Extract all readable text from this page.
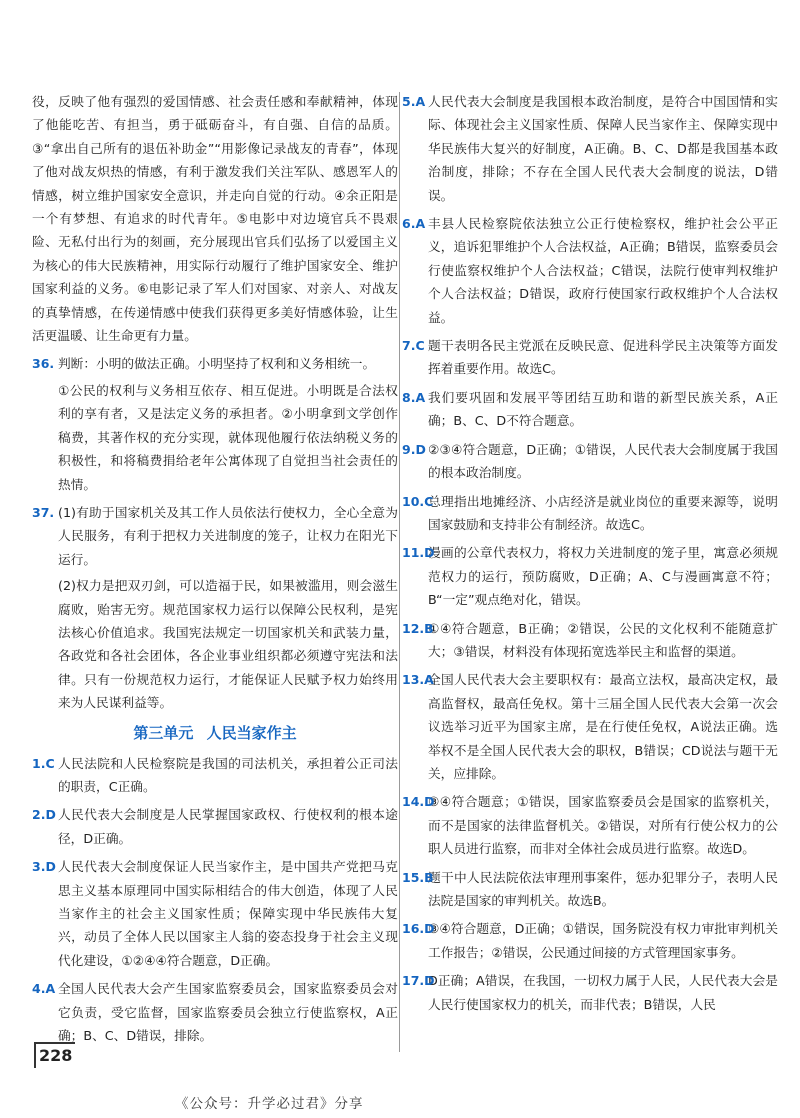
役，反映了他有强烈的爱国情感、社会责任感和奉献精神，体现了他能吃苦、有担当，勇于砥砺奋斗，有自强、自信的品质。③“拿出自己所有的退伍补助金”“用影像记录战友的青春”，体现了他对战友炽热的情感，有利于激发我们关注军队、感恩军人的情感，树立维护国家安全意识，并走向自觉的行动。④余正阳是一个有梦想、有追求的时代青年。⑤电影中对边境官兵不畏艰险、无私付出行为的刻画，充分展现出官兵们弘扬了以爱国主义为核心的伟大民族精神，用实际行动履行了维护国家安全、维护国家利益的义务。⑥电影记录了军人们对国家、对亲人、对战友的真挚情感，在传递情感中使我们获得更多美好情感体验，让生活更温暖、让生命更有力量。

36. 判断：小明的做法正确。小明坚持了权利和义务相统一。

①公民的权利与义务相互依存、相互促进。小明既是合法权利的享有者，又是法定义务的承担者。②小明拿到文学创作稿费，其著作权的充分实现，就体现他履行依法纳税义务的积极性，和将稿费捐给老年公寓体现了自觉担当社会责任的热情。

37. (1)有助于国家机关及其工作人员依法行使权力，全心全意为人民服务，有利于把权力关进制度的笼子，让权力在阳光下运行。

(2)权力是把双刃剑，可以造福于民，如果被滥用，则会滋生腐败，贻害无穷。规范国家权力运行以保障公民权利，是宪法核心价值追求。我国宪法规定一切国家机关和武装力量，各政党和各社会团体，各企业事业组织都必须遵守宪法和法律。只有一份规范权力运行，才能保证人民赋予权力始终用来为人民谋利益等。

第三单元 人民当家作主
1.C 人民法院和人民检察院是我国的司法机关，承担着公正司法的职责，C正确。
2.D 人民代表大会制度是人民掌握国家政权、行使权利的根本途径，D正确。
3.D 人民代表大会制度保证人民当家作主，是中国共产党把马克思主义基本原理同中国实际相结合的伟大创造，体现了人民当家作主的社会主义国家性质；保障实现中华民族伟大复兴，动员了全体人民以国家主人翁的姿态投身于社会主义现代化建设，①②④④符合题意，D正确。
4.A 全国人民代表大会产生国家监察委员会，国家监察委员会对它负责，受它监督，国家监察委员会独立行使监察权，A正确；B、C、D错误，排除。
5.A 人民代表大会制度是我国根本政治制度，是符合中国国情和实际、体现社会主义国家性质、保障人民当家作主、保障实现中华民族伟大复兴的好制度，A正确。B、C、D都是我国基本政治制度，排除；不存在全国人民代表大会制度的说法，D错误。
6.A 丰县人民检察院依法独立公正行使检察权，维护社会公平正义，追诉犯罪维护个人合法权益，A正确；B错误，监察委员会行使监察权维护个人合法权益；C错误，法院行使审判权维护个人合法权益；D错误，政府行使国家行政权维护个人合法权益。
7.C 题干表明各民主党派在反映民意、促进科学民主决策等方面发挥着重要作用。故选C。
8.A 我们要巩固和发展平等团结互助和谐的新型民族关系，A正确；B、C、D不符合题意。
9.D ②③④符合题意，D正确；①错误，人民代表大会制度属于我国的根本政治制度。
10.C
总理指出地摊经济、小店经济是就业岗位的重要来源等，说明国家鼓励和支持非公有制经济。故选C。
11.D
漫画的公章代表权力，将权力关进制度的笼子里，寓意必须规范权力的运行，预防腐败，D正确；A、C与漫画寓意不符；B“一定”观点绝对化，错误。
12.B
①④符合题意，B正确；②错误，公民的文化权利不能随意扩大；③错误，材料没有体现拓宽选举民主和监督的渠道。
13.A
全国人民代表大会主要职权有：最高立法权，最高决定权，最高监督权，最高任免权。第十三届全国人民代表大会第一次会议选举习近平为国家主席，是在行使任免权，A说法正确。选举权不是全国人民代表大会的职权，B错误；CD说法与题干无关，应排除。
14.D
③④符合题意；①错误，国家监察委员会是国家的监察机关，而不是国家的法律监督机关。②错误，对所有行使公权力的公职人员进行监察，而非对全体社会成员进行监察。故选D。
15.B
题干中人民法院依法审理刑事案件，惩办犯罪分子，表明人民法院是国家的审判机关。故选B。
16.D
③④符合题意，D正确；①错误，国务院没有权力审批审判机关工作报告；②错误，公民通过间接的方式管理国家事务。
17.D
D正确；A错误，在我国，一切权力属于人民，人民代表大会是人民行使国家权力的机关，而非代表；B错误，人民
228
《公众号：升学必过君》分享
